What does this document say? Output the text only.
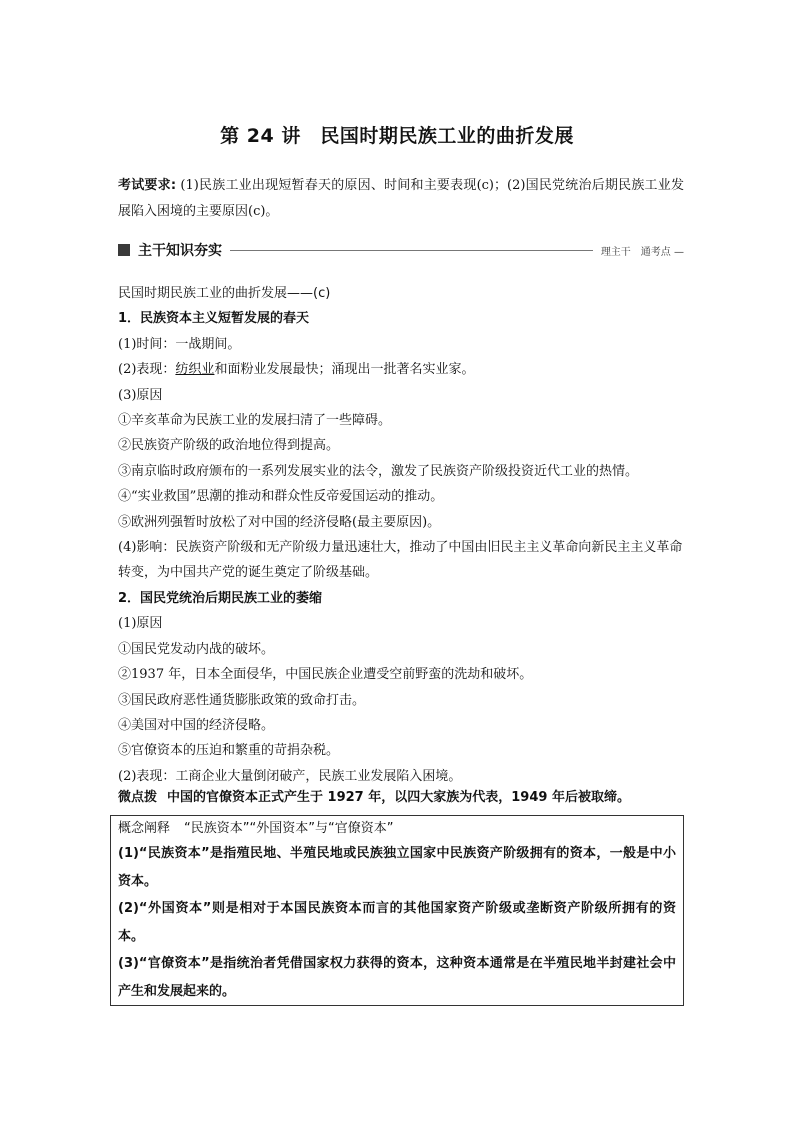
第 24 讲　民国时期民族工业的曲折发展
考试要求: (1)民族工业出现短暂春天的原因、时间和主要表现(c)；(2)国民党统治后期民族工业发展陷入困境的主要原因(c)。
主干知识夯实	理主干　通考点 —

民国时期民族工业的曲折发展——(c)

1．民族资本主义短暂发展的春天

(1)时间：一战期间。

(2)表现：纺织业和面粉业发展最快；涌现出一批著名实业家。

(3)原因

①辛亥革命为民族工业的发展扫清了一些障碍。

②民族资产阶级的政治地位得到提高。

③南京临时政府颁布的一系列发展实业的法令，激发了民族资产阶级投资近代工业的热情。

④“实业救国”思潮的推动和群众性反帝爱国运动的推动。

⑤欧洲列强暂时放松了对中国的经济侵略(最主要原因)。

(4)影响：民族资产阶级和无产阶级力量迅速壮大，推动了中国由旧民主主义革命向新民主主义革命转变，为中国共产党的诞生奠定了阶级基础。

2．国民党统治后期民族工业的萎缩

(1)原因

①国民党发动内战的破坏。

②1937 年，日本全面侵华，中国民族企业遭受空前野蛮的洗劫和破坏。

③国民政府恶性通货膨胀政策的致命打击。

④美国对中国的经济侵略。

⑤官僚资本的压迫和繁重的苛捐杂税。

(2)表现：工商企业大量倒闭破产，民族工业发展陷入困境。

微点拨 中国的官僚资本正式产生于 1927 年，以四大家族为代表，1949 年后被取缔。

概念阐释 “民族资本”“外国资本”与“官僚资本”

(1)“民族资本”是指殖民地、半殖民地或民族独立国家中民族资产阶级拥有的资本，一般是中小资本。

(2)“外国资本”则是相对于本国民族资本而言的其他国家资产阶级或垄断资产阶级所拥有的资本。

(3)“官僚资本”是指统治者凭借国家权力获得的资本，这种资本通常是在半殖民地半封建社会中产生和发展起来的。
